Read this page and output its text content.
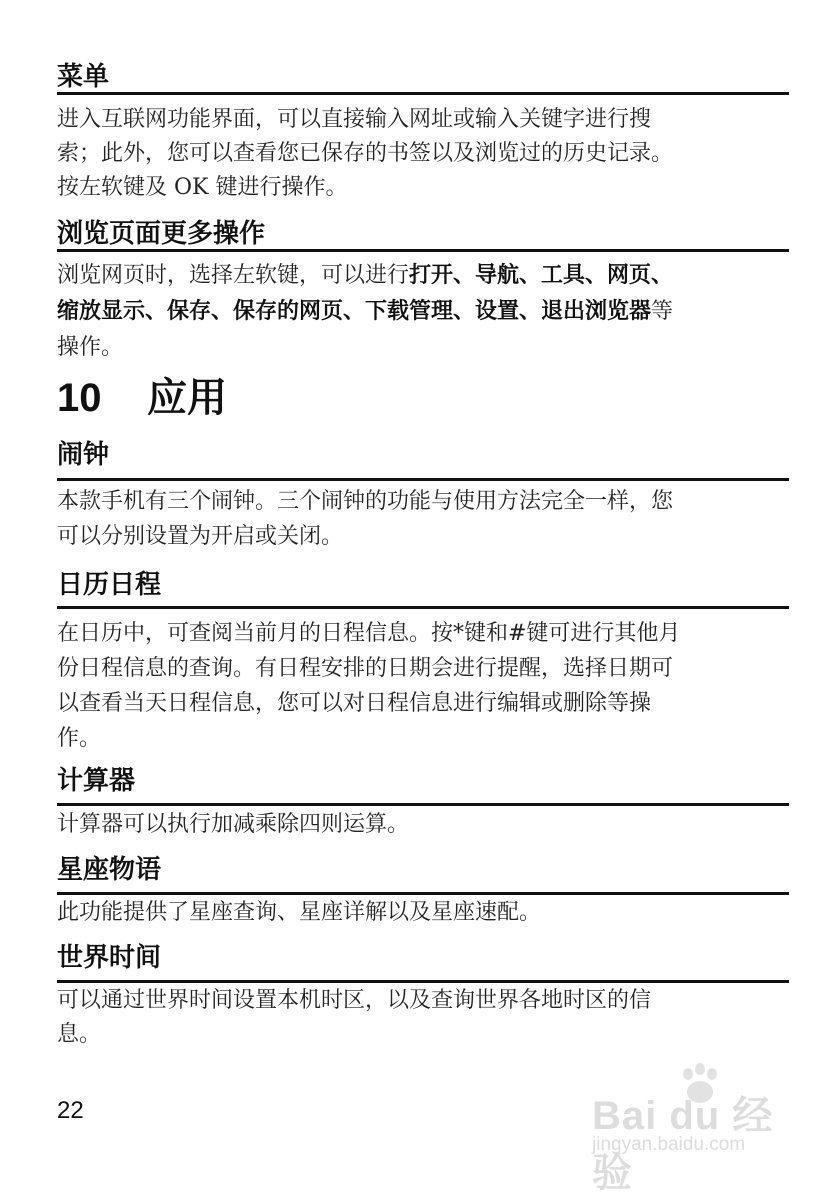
菜单
进入互联网功能界面，可以直接输入网址或输入关键字进行搜
索；此外，您可以查看您已保存的书签以及浏览过的历史记录。
按左软键及 OK 键进行操作。
浏览页面更多操作
浏览网页时，选择左软键，可以进行打开、导航、工具、网页、
缩放显示、保存、保存的网页、下载管理、设置、退出浏览器等
操作。
10 应用
闹钟
本款手机有三个闹钟。三个闹钟的功能与使用方法完全一样，您
可以分别设置为开启或关闭。
日历日程
在日历中，可查阅当前月的日程信息。按*键和#键可进行其他月
份日程信息的查询。有日程安排的日期会进行提醒，选择日期可
以查看当天日程信息，您可以对日程信息进行编辑或删除等操
作。
计算器
计算器可以执行加减乘除四则运算。
星座物语
此功能提供了星座查询、星座详解以及星座速配。
世界时间
可以通过世界时间设置本机时区，以及查询世界各地时区的信
息。
22	Bai du 经验
jingyan.baidu.com
